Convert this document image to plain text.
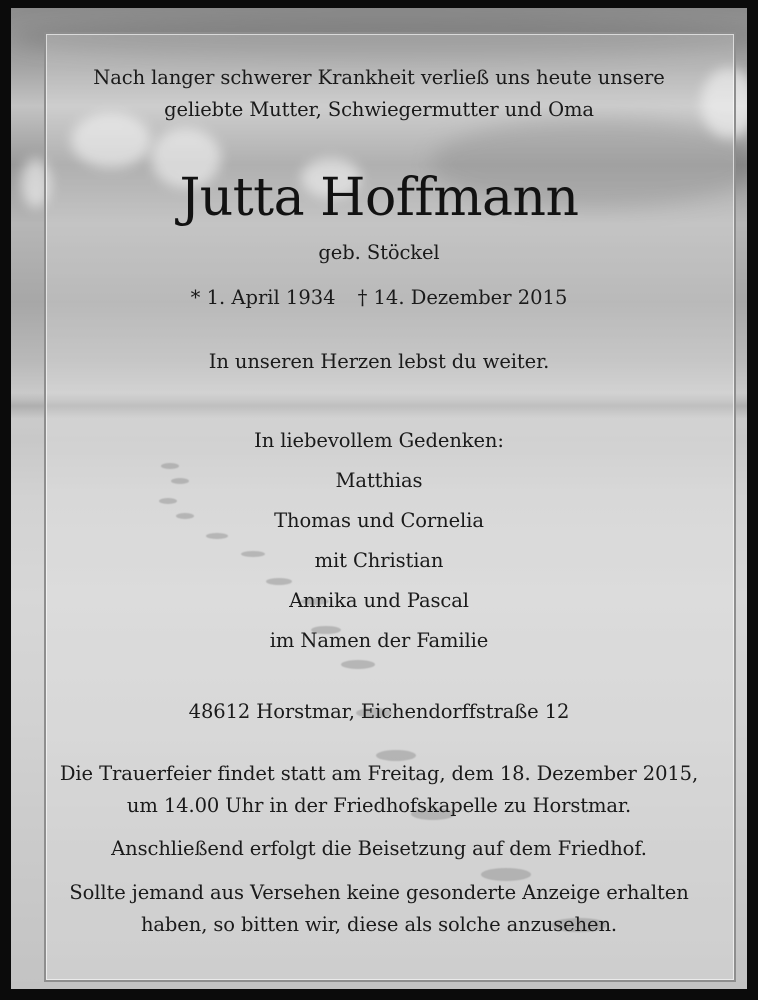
Nach langer schwerer Krankheit verließ uns heute unsere
geliebte Mutter, Schwiegermutter und Oma
Jutta Hoffmann
geb. Stöckel
* 1. April 1934 † 14. Dezember 2015
In unseren Herzen lebst du weiter.
In liebevollem Gedenken:
Matthias
Thomas und Cornelia
mit Christian
Annika und Pascal
im Namen der Familie
48612 Horstmar, Eichendorffstraße 12
Die Trauerfeier findet statt am Freitag, dem 18. Dezember 2015,
um 14.00 Uhr in der Friedhofskapelle zu Horstmar.
Anschließend erfolgt die Beisetzung auf dem Friedhof.
Sollte jemand aus Versehen keine gesonderte Anzeige erhalten
haben, so bitten wir, diese als solche anzusehen.
